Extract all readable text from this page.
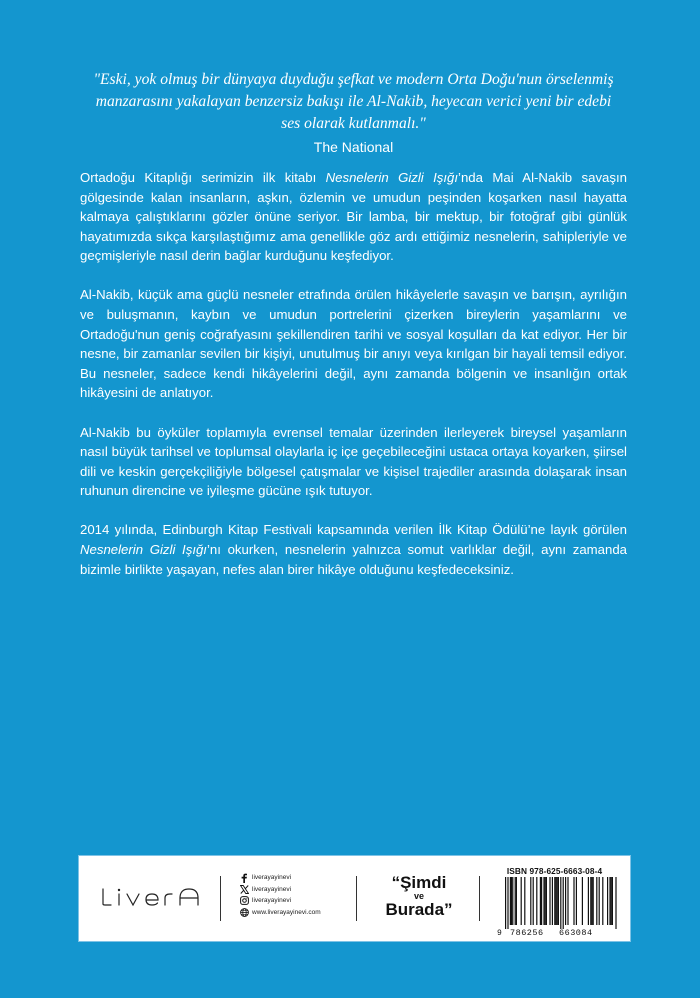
"Eski, yok olmuş bir dünyaya duyduğu şefkat ve modern Orta Doğu'nun örselenmiş
manzarasını yakalayan benzersiz bakışı ile Al-Nakib, heyecan verici yeni bir edebi
ses olarak kutlanmalı."

The National

Ortadoğu Kitaplığı serimizin ilk kitabı Nesnelerin Gizli Işığı’nda Mai Al-Nakib savaşın gölgesinde kalan insanların, aşkın, özlemin ve umudun peşinden koşarken nasıl hayatta kalmaya çalıştıklarını gözler önüne seriyor. Bir lamba, bir mektup, bir fotoğraf gibi günlük hayatımızda sıkça karşılaştığımız ama genellikle göz ardı ettiğimiz nesnelerin, sahipleriyle ve geçmişleriyle nasıl derin bağlar kurduğunu keşfediyor.

Al-Nakib, küçük ama güçlü nesneler etrafında örülen hikâyelerle savaşın ve barışın, ayrılığın ve buluşmanın, kaybın ve umudun portrelerini çizerken bireylerin yaşamlarını ve Ortadoğu'nun geniş coğrafyasını şekillendiren tarihi ve sosyal koşulları da kat ediyor. Her bir nesne, bir zamanlar sevilen bir kişiyi, unutulmuş bir anıyı veya kırılgan bir hayali temsil ediyor. Bu nesneler, sadece kendi hikâyelerini değil, aynı zamanda bölgenin ve insanlığın ortak hikâyesini de anlatıyor.

Al-Nakib bu öyküler toplamıyla evrensel temalar üzerinden ilerleyerek bireysel yaşamların nasıl büyük tarihsel ve toplumsal olaylarla iç içe geçebileceğini ustaca ortaya koyarken, şiirsel dili ve keskin gerçekçiliğiyle bölgesel çatışmalar ve kişisel trajediler arasında dolaşarak insan ruhunun direncine ve iyileşme gücüne ışık tutuyor.

2014 yılında, Edinburgh Kitap Festivali kapsamında verilen İlk Kitap Ödülü’ne layık görülen Nesnelerin Gizli Işığı’nı okurken, nesnelerin yalnızca somut varlıklar değil, aynı zamanda bizimle birlikte yaşayan, nefes alan birer hikâye olduğunu keşfedeceksiniz.

liverayayinevi
liverayayinevi
liverayayinevi
www.liverayayinevi.com
“Şimdi
ve
Burada”
ISBN 978-625-6663-08-4
9 786256 663084
